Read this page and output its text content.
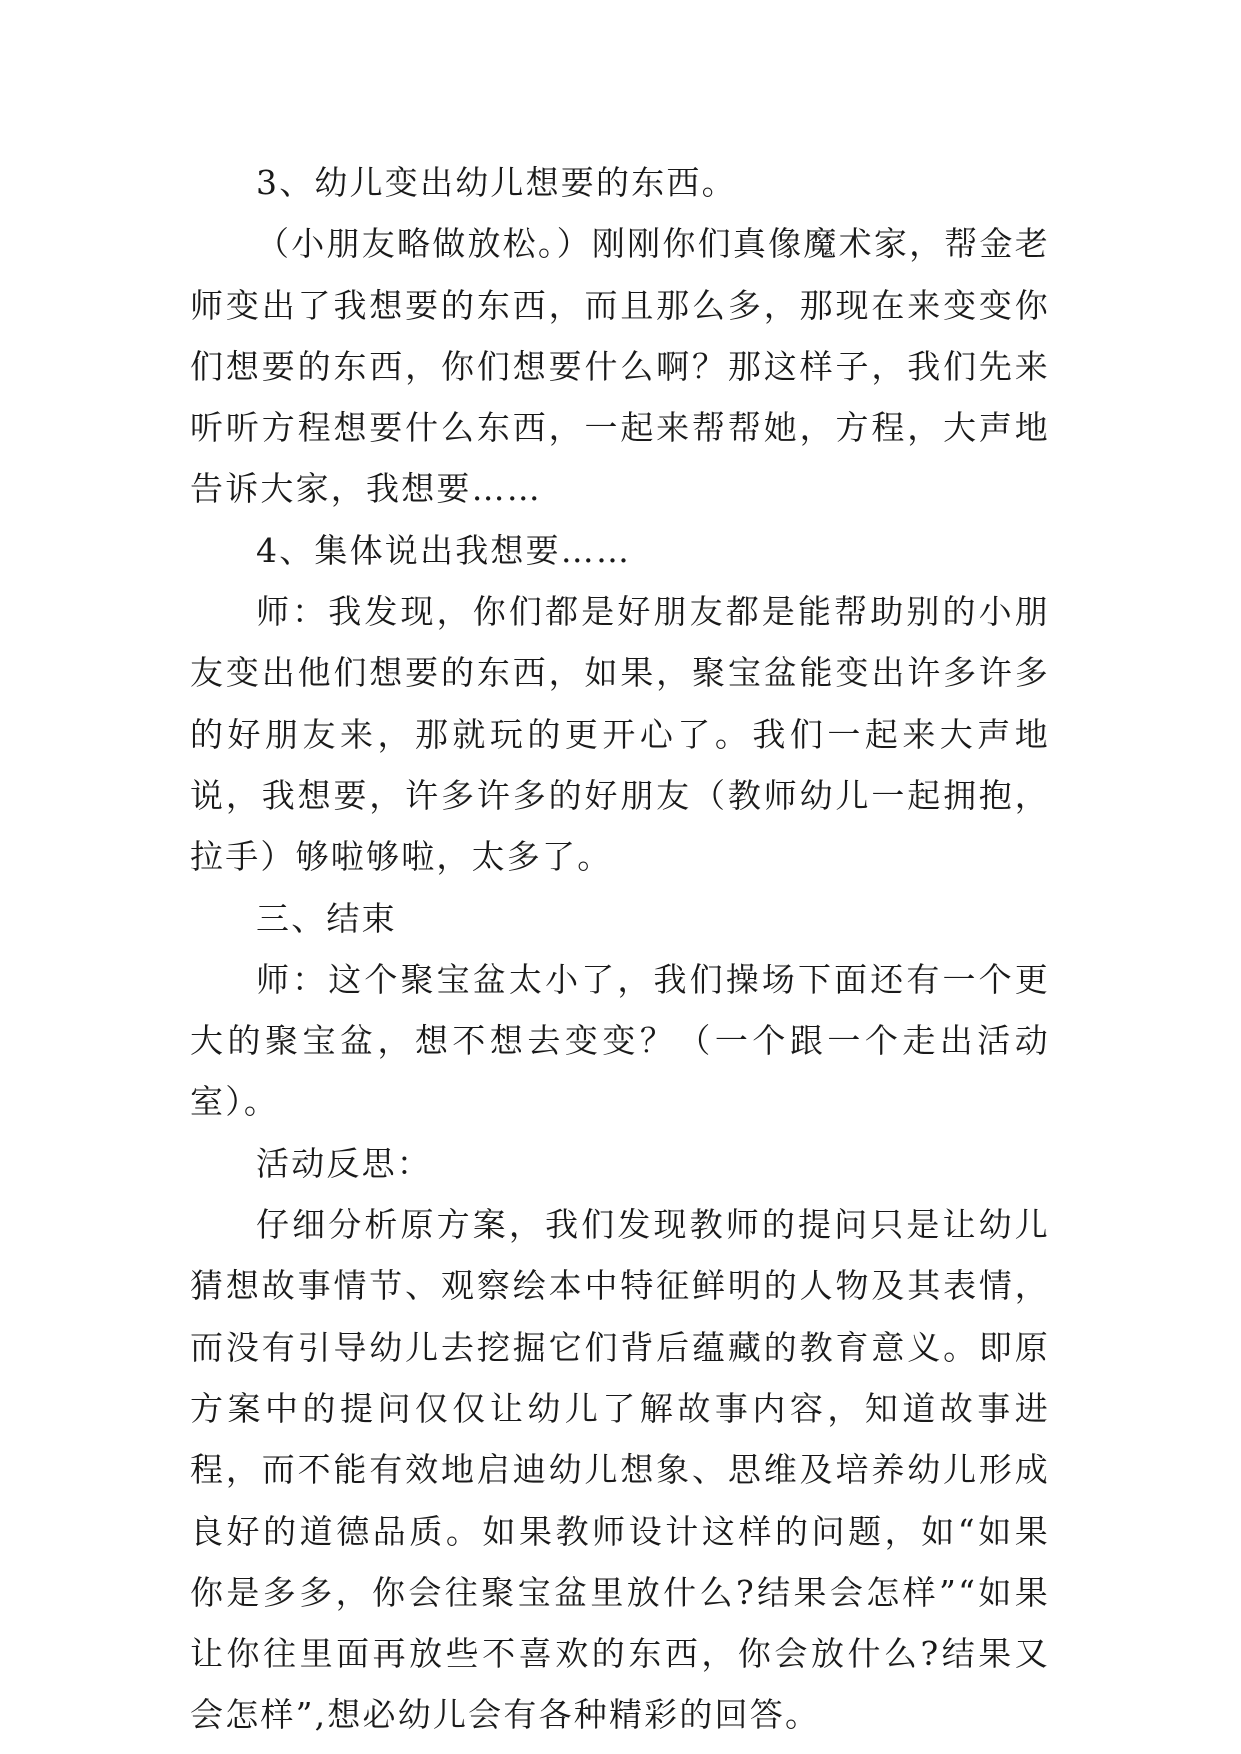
3、幼儿变出幼儿想要的东西。

（小朋友略做放松。）刚刚你们真像魔术家，帮金老师变出了我想要的东西，而且那么多，那现在来变变你们想要的东西，你们想要什么啊？那这样子，我们先来听听方程想要什么东西，一起来帮帮她，方程，大声地告诉大家，我想要……

4、集体说出我想要……

师：我发现，你们都是好朋友都是能帮助别的小朋友变出他们想要的东西，如果，聚宝盆能变出许多许多的好朋友来，那就玩的更开心了。我们一起来大声地说，我想要，许多许多的好朋友（教师幼儿一起拥抱，拉手）够啦够啦，太多了。

三、结束

师：这个聚宝盆太小了，我们操场下面还有一个更大的聚宝盆，想不想去变变？（一个跟一个走出活动室）。

活动反思：

仔细分析原方案，我们发现教师的提问只是让幼儿猜想故事情节、观察绘本中特征鲜明的人物及其表情，而没有引导幼儿去挖掘它们背后蕴藏的教育意义。即原方案中的提问仅仅让幼儿了解故事内容，知道故事进程，而不能有效地启迪幼儿想象、思维及培养幼儿形成良好的道德品质。如果教师设计这样的问题，如“如果你是多多，你会往聚宝盆里放什么?结果会怎样”“如果让你往里面再放些不喜欢的东西，你会放什么?结果又会怎样”,想必幼儿会有各种精彩的回答。
